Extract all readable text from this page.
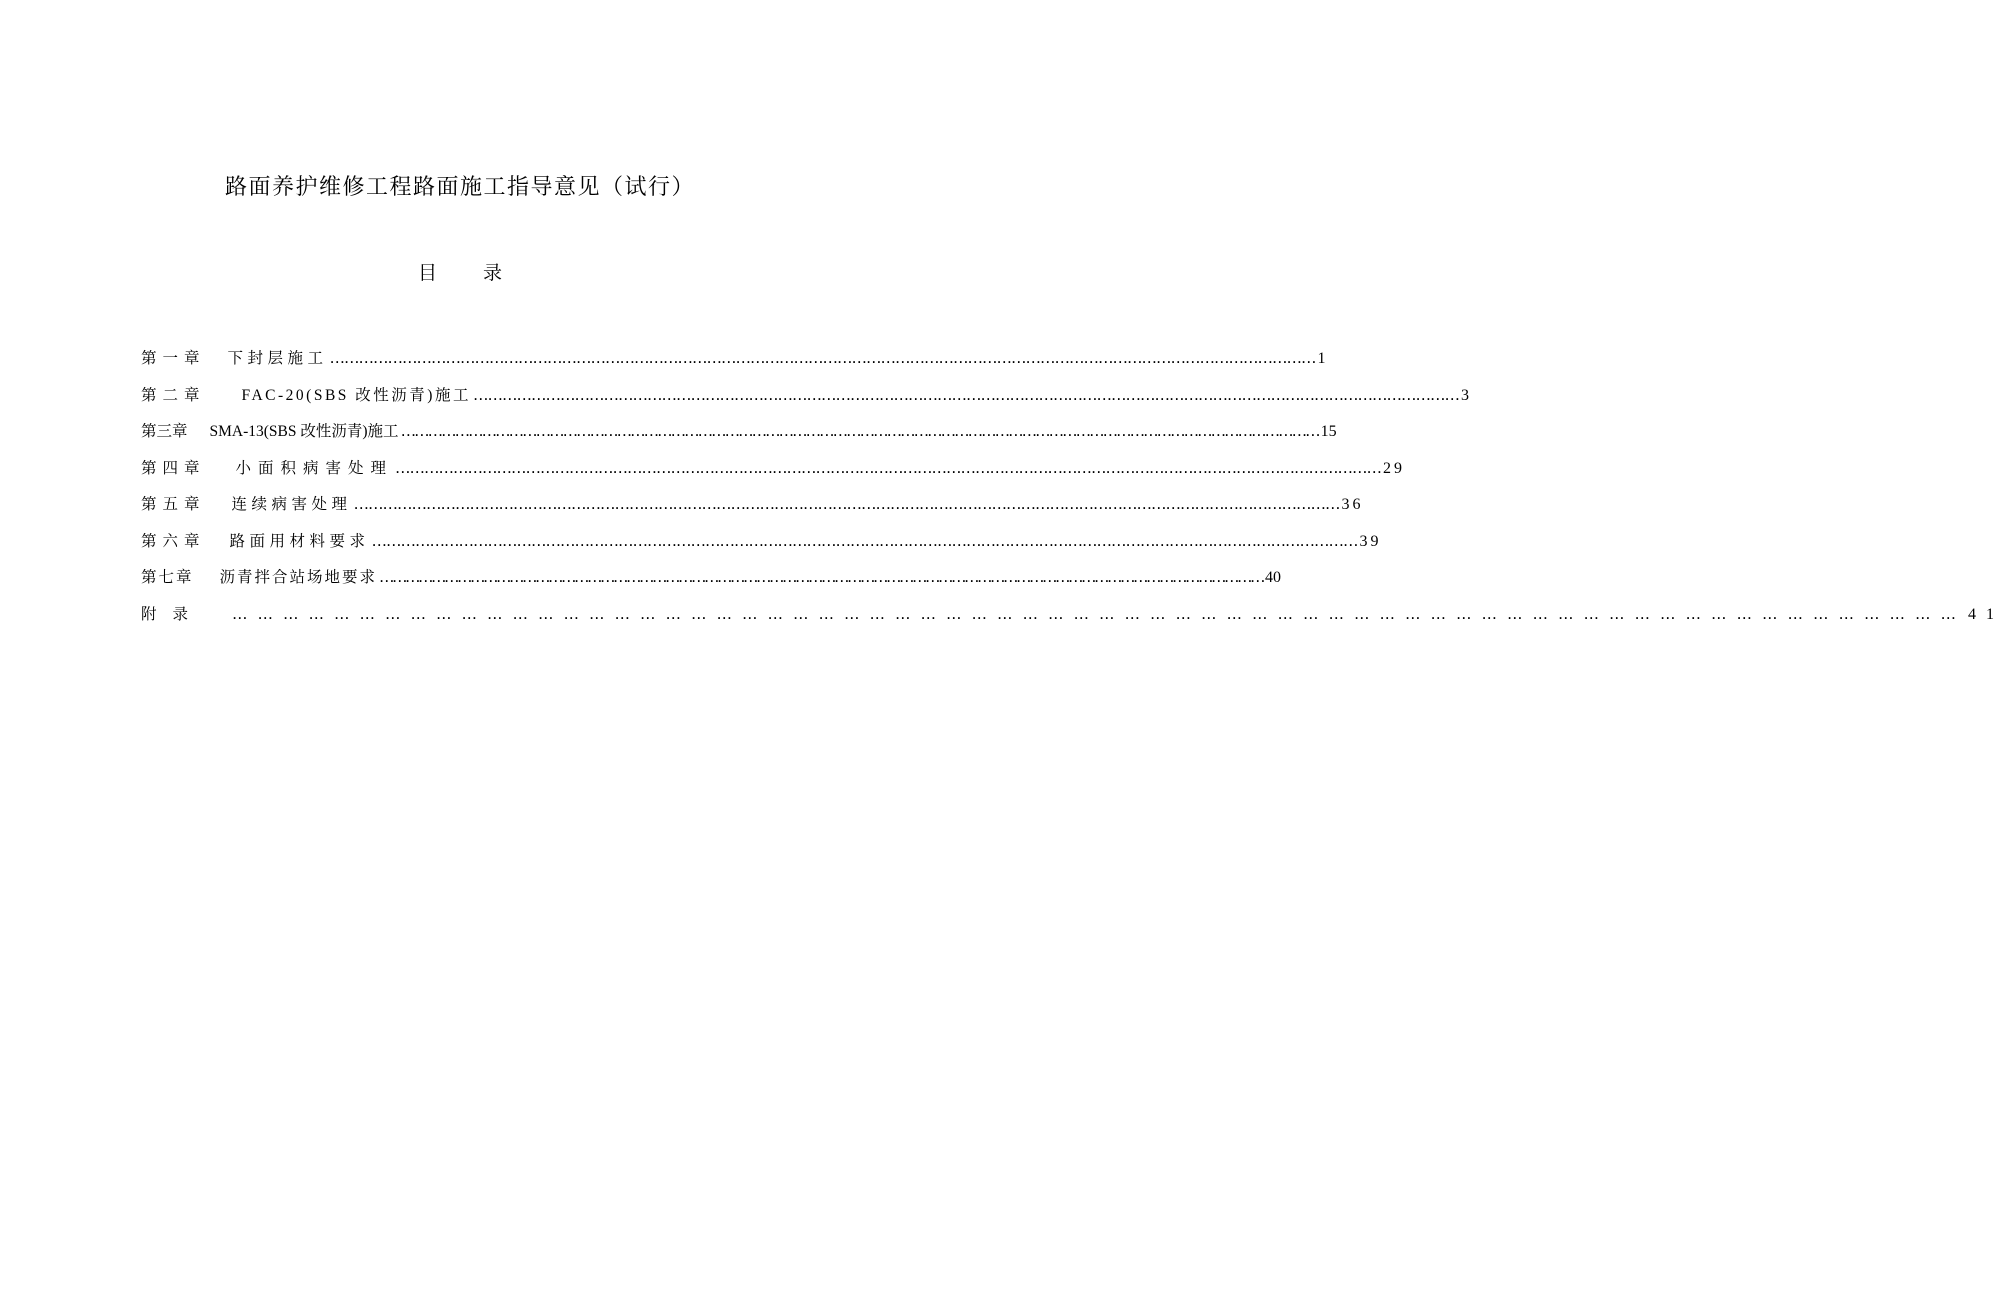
路面养护维修工程路面施工指导意见（试行）
目录
第一章 下封层施工 ……………………………………………………………………………………………………………………………………………………………………………………	1
第二章 FAC-20(SBS 改性沥青)施工 ……………………………………………………………………………………………………………………………………………………………………………………	3
第三章 SMA-13(SBS 改性沥青)施工 ……………………………………………………………………………………………………………………………………………………………………………………	15
第四章 小面积病害处理 ……………………………………………………………………………………………………………………………………………………………………………………	29
第五章 连续病害处理 ……………………………………………………………………………………………………………………………………………………………………………………	36
第六章 路面用材料要求 ……………………………………………………………………………………………………………………………………………………………………………………	39
第七章 沥青拌合站场地要求 ……………………………………………………………………………………………………………………………………………………………………………………	40
附录 ……………………………………………………………………………………………………………………………………………………………………………………	41
